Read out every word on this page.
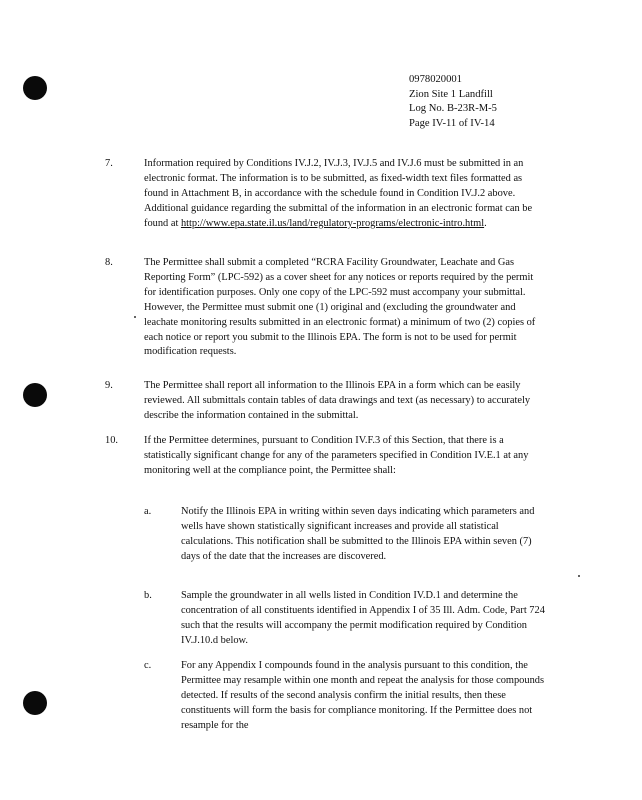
0978020001
Zion Site 1 Landfill
Log No. B-23R-M-5
Page IV-11 of IV-14
7.	Information required by Conditions IV.J.2, IV.J.3, IV.J.5 and IV.J.6 must be submitted in an electronic format. The information is to be submitted, as fixed-width text files formatted as found in Attachment B, in accordance with the schedule found in Condition IV.J.2 above. Additional guidance regarding the submittal of the information in an electronic format can be found at http://www.epa.state.il.us/land/regulatory-programs/electronic-intro.html.
8.	The Permittee shall submit a completed “RCRA Facility Groundwater, Leachate and Gas Reporting Form” (LPC-592) as a cover sheet for any notices or reports required by the permit for identification purposes. Only one copy of the LPC-592 must accompany your submittal. However, the Permittee must submit one (1) original and (excluding the groundwater and leachate monitoring results submitted in an electronic format) a minimum of two (2) copies of each notice or report you submit to the Illinois EPA. The form is not to be used for permit modification requests.
9.	The Permittee shall report all information to the Illinois EPA in a form which can be easily reviewed. All submittals contain tables of data drawings and text (as necessary) to accurately describe the information contained in the submittal.
10.	If the Permittee determines, pursuant to Condition IV.F.3 of this Section, that there is a statistically significant change for any of the parameters specified in Condition IV.E.1 at any monitoring well at the compliance point, the Permittee shall:
a.	Notify the Illinois EPA in writing within seven days indicating which parameters and wells have shown statistically significant increases and provide all statistical calculations. This notification shall be submitted to the Illinois EPA within seven (7) days of the date that the increases are discovered.
b.	Sample the groundwater in all wells listed in Condition IV.D.1 and determine the concentration of all constituents identified in Appendix I of 35 Ill. Adm. Code, Part 724 such that the results will accompany the permit modification required by Condition IV.J.10.d below.
c.	For any Appendix I compounds found in the analysis pursuant to this condition, the Permittee may resample within one month and repeat the analysis for those compounds detected. If results of the second analysis confirm the initial results, then these constituents will form the basis for compliance monitoring. If the Permittee does not resample for the
